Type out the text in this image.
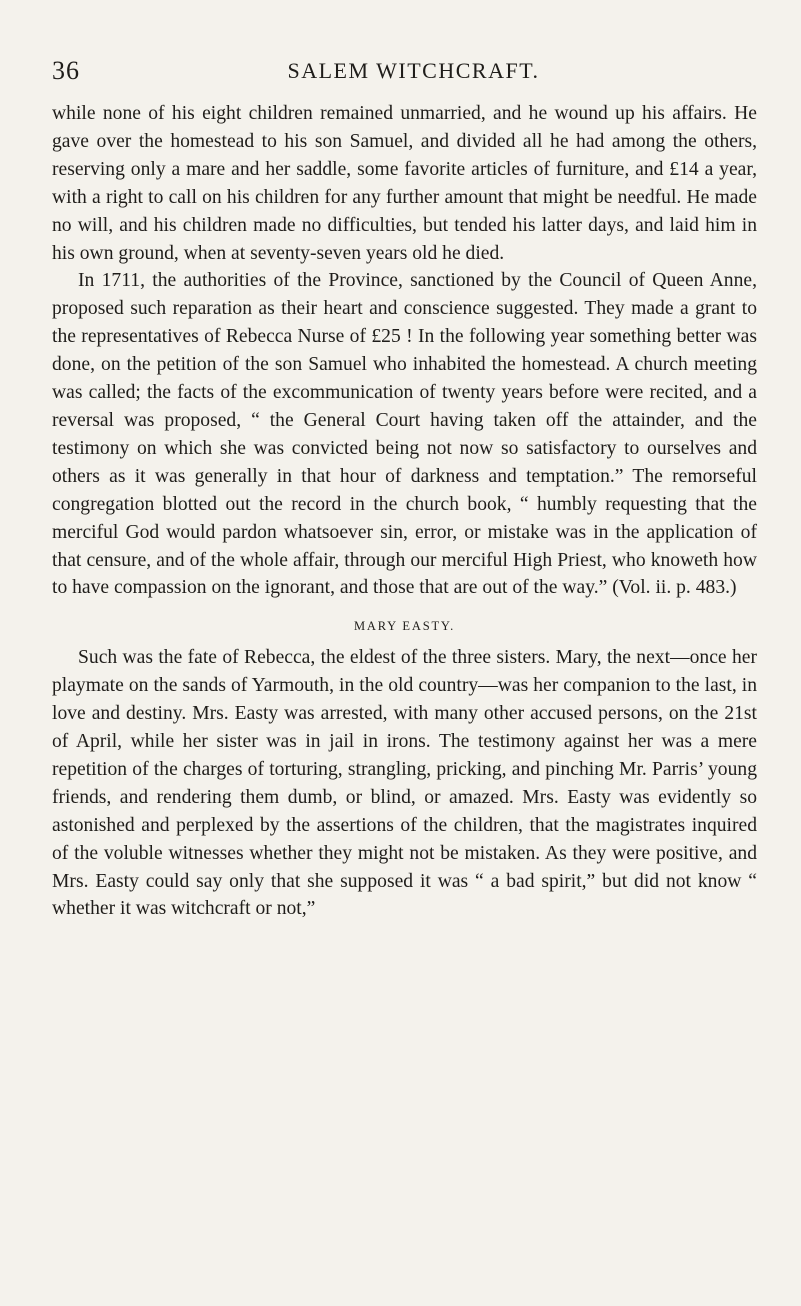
36	SALEM WITCHCRAFT.

while none of his eight children remained unmarried, and he wound up his affairs. He gave over the homestead to his son Samuel, and divided all he had among the others, reserving only a mare and her saddle, some favorite articles of furniture, and £14 a year, with a right to call on his children for any further amount that might be needful. He made no will, and his children made no difficulties, but tended his latter days, and laid him in his own ground, when at seventy-seven years old he died.

In 1711, the authorities of the Province, sanctioned by the Council of Queen Anne, proposed such reparation as their heart and conscience suggested. They made a grant to the representatives of Rebecca Nurse of £25 ! In the following year something better was done, on the petition of the son Samuel who inhabited the homestead. A church meeting was called; the facts of the excommunication of twenty years before were recited, and a reversal was proposed, “ the General Court having taken off the attainder, and the testimony on which she was convicted being not now so satisfactory to ourselves and others as it was generally in that hour of darkness and temptation.” The remorseful congregation blotted out the record in the church book, “ humbly requesting that the merciful God would pardon whatsoever sin, error, or mistake was in the application of that censure, and of the whole affair, through our merciful High Priest, who knoweth how to have compassion on the ignorant, and those that are out of the way.” (Vol. ii. p. 483.)

MARY EASTY.

Such was the fate of Rebecca, the eldest of the three sisters. Mary, the next—once her playmate on the sands of Yarmouth, in the old country—was her companion to the last, in love and destiny. Mrs. Easty was arrested, with many other accused persons, on the 21st of April, while her sister was in jail in irons. The testimony against her was a mere repetition of the charges of torturing, strangling, pricking, and pinching Mr. Parris’ young friends, and rendering them dumb, or blind, or amazed. Mrs. Easty was evidently so astonished and perplexed by the assertions of the children, that the magistrates inquired of the voluble witnesses whether they might not be mistaken. As they were positive, and Mrs. Easty could say only that she supposed it was “ a bad spirit,” but did not know “ whether it was witchcraft or not,”
